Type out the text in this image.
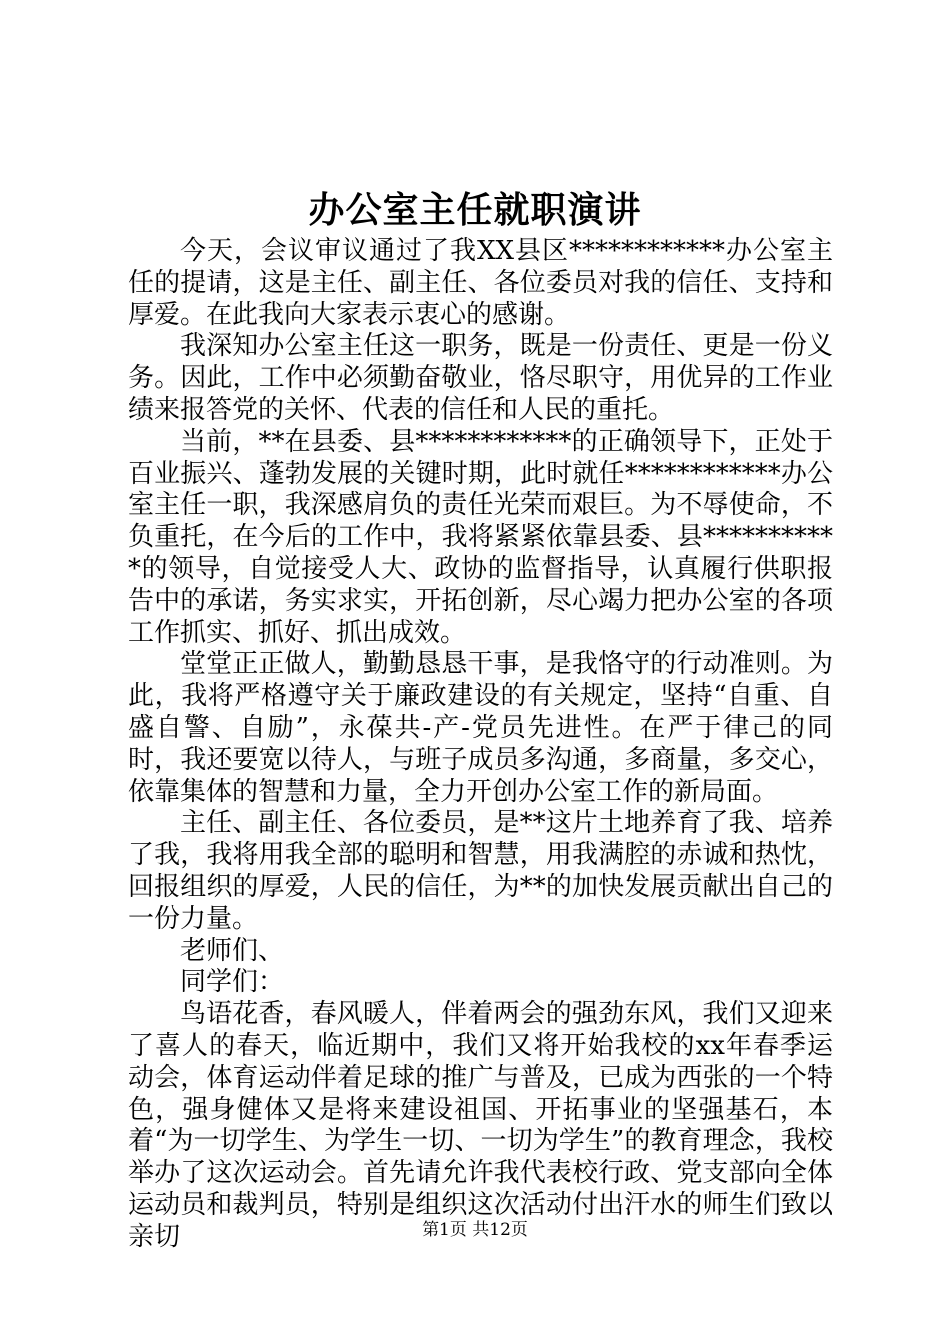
办公室主任就职演讲

今天，会议审议通过了我XX县区************办公室主任的提请，这是主任、副主任、各位委员对我的信任、支持和厚爱。在此我向大家表示衷心的感谢。

我深知办公室主任这一职务，既是一份责任、更是一份义务。因此，工作中必须勤奋敬业，恪尽职守，用优异的工作业绩来报答党的关怀、代表的信任和人民的重托。

当前，**在县委、县************的正确领导下，正处于百业振兴、蓬勃发展的关键时期，此时就任************办公室主任一职，我深感肩负的责任光荣而艰巨。为不辱使命，不负重托，在今后的工作中，我将紧紧依靠县委、县***********的领导，自觉接受人大、政协的监督指导，认真履行供职报告中的承诺，务实求实，开拓创新，尽心竭力把办公室的各项工作抓实、抓好、抓出成效。

堂堂正正做人，勤勤恳恳干事，是我恪守的行动准则。为此，我将严格遵守关于廉政建设的有关规定，坚持“自重、自盛自警、自励”，永葆共-产-党员先进性。在严于律己的同时，我还要宽以待人，与班子成员多沟通，多商量，多交心，依靠集体的智慧和力量，全力开创办公室工作的新局面。

主任、副主任、各位委员，是**这片土地养育了我、培养了我，我将用我全部的聪明和智慧，用我满腔的赤诚和热忱，回报组织的厚爱，人民的信任，为**的加快发展贡献出自己的一份力量。

老师们、

同学们：

鸟语花香，春风暖人，伴着两会的强劲东风，我们又迎来了喜人的春天，临近期中，我们又将开始我校的xx年春季运动会，体育运动伴着足球的推广与普及，已成为西张的一个特色，强身健体又是将来建设祖国、开拓事业的坚强基石，本着“为一切学生、为学生一切、一切为学生”的教育理念，我校举办了这次运动会。首先请允许我代表校行政、党支部向全体运动员和裁判员，特别是组织这次活动付出汗水的师生们致以亲切	第1页 共12页
